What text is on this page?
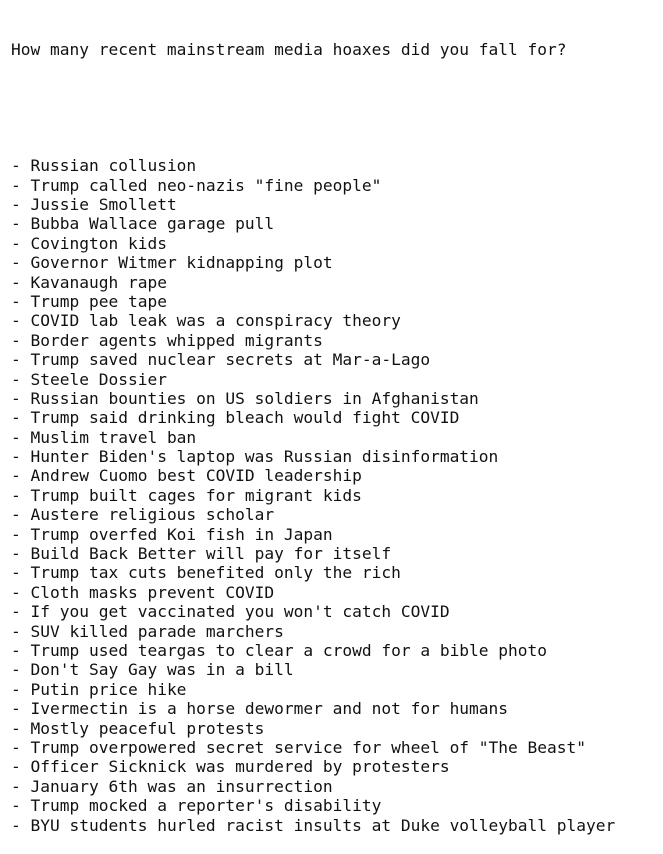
How many recent mainstream media hoaxes did you fall for?

- Russian collusion
- Trump called neo-nazis "fine people"
- Jussie Smollett
- Bubba Wallace garage pull
- Covington kids
- Governor Witmer kidnapping plot
- Kavanaugh rape
- Trump pee tape
- COVID lab leak was a conspiracy theory
- Border agents whipped migrants
- Trump saved nuclear secrets at Mar-a-Lago
- Steele Dossier
- Russian bounties on US soldiers in Afghanistan
- Trump said drinking bleach would fight COVID
- Muslim travel ban
- Hunter Biden's laptop was Russian disinformation
- Andrew Cuomo best COVID leadership
- Trump built cages for migrant kids
- Austere religious scholar
- Trump overfed Koi fish in Japan
- Build Back Better will pay for itself
- Trump tax cuts benefited only the rich
- Cloth masks prevent COVID
- If you get vaccinated you won't catch COVID
- SUV killed parade marchers
- Trump used teargas to clear a crowd for a bible photo
- Don't Say Gay was in a bill
- Putin price hike
- Ivermectin is a horse dewormer and not for humans
- Mostly peaceful protests
- Trump overpowered secret service for wheel of "The Beast"
- Officer Sicknick was murdered by protesters
- January 6th was an insurrection
- Trump mocked a reporter's disability
- BYU students hurled racist insults at Duke volleyball player
